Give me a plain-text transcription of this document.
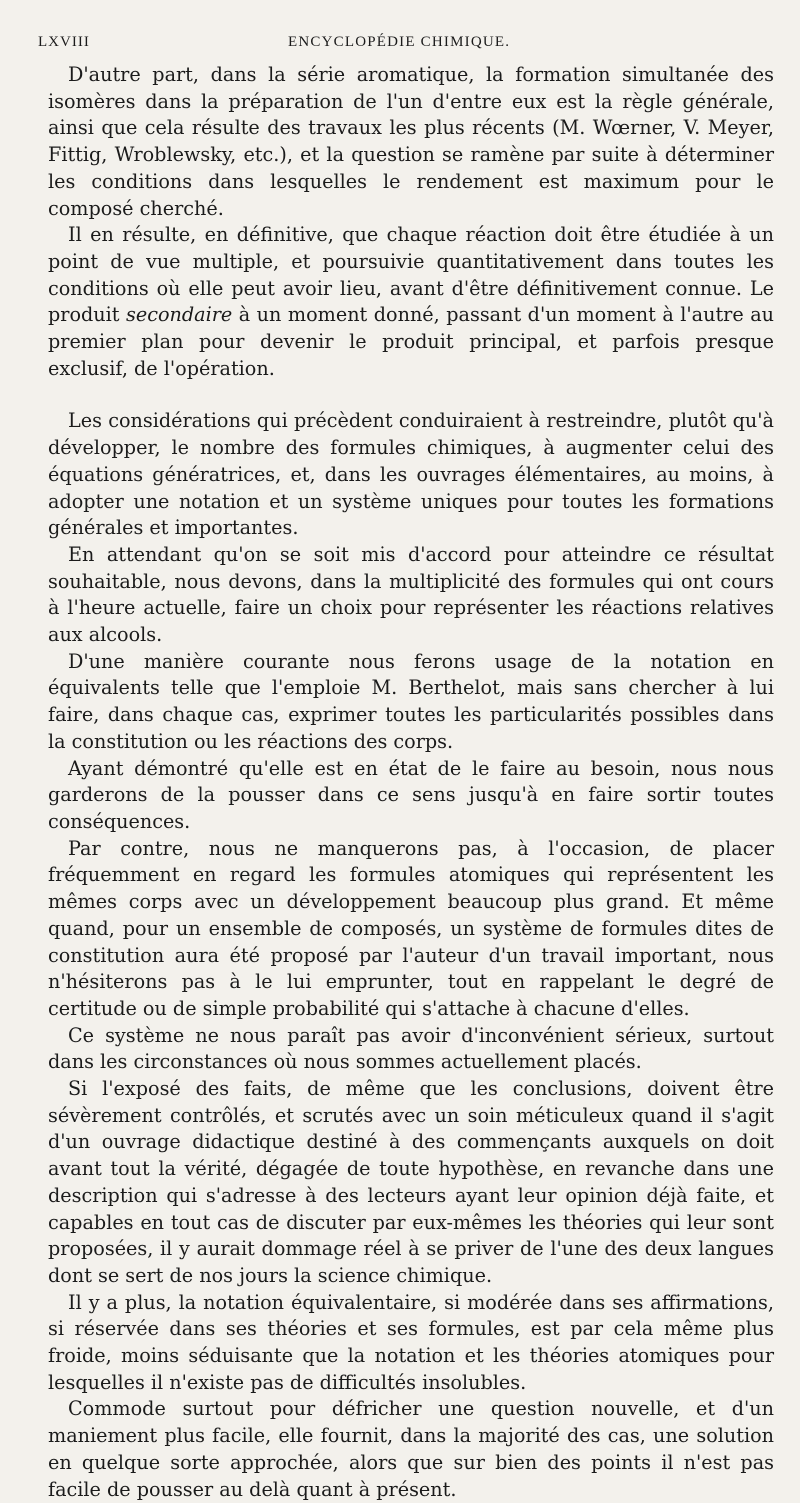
LXVIII	ENCYCLOPÉDIE CHIMIQUE.

D'autre part, dans la série aromatique, la formation simultanée des isomères dans la préparation de l'un d'entre eux est la règle générale, ainsi que cela résulte des travaux les plus récents (M. Wœrner, V. Meyer, Fittig, Wroblewsky, etc.), et la question se ramène par suite à déterminer les conditions dans lesquelles le rendement est maximum pour le composé cherché.

Il en résulte, en définitive, que chaque réaction doit être étudiée à un point de vue multiple, et poursuivie quantitativement dans toutes les conditions où elle peut avoir lieu, avant d'être définitivement connue. Le produit secondaire à un moment donné, passant d'un moment à l'autre au premier plan pour devenir le produit principal, et parfois presque exclusif, de l'opération.

Les considérations qui précèdent conduiraient à restreindre, plutôt qu'à développer, le nombre des formules chimiques, à augmenter celui des équations génératrices, et, dans les ouvrages élémentaires, au moins, à adopter une notation et un système uniques pour toutes les formations générales et importantes.

En attendant qu'on se soit mis d'accord pour atteindre ce résultat souhaitable, nous devons, dans la multiplicité des formules qui ont cours à l'heure actuelle, faire un choix pour représenter les réactions relatives aux alcools.

D'une manière courante nous ferons usage de la notation en équivalents telle que l'emploie M. Berthelot, mais sans chercher à lui faire, dans chaque cas, exprimer toutes les particularités possibles dans la constitution ou les réactions des corps.

Ayant démontré qu'elle est en état de le faire au besoin, nous nous garderons de la pousser dans ce sens jusqu'à en faire sortir toutes conséquences.

Par contre, nous ne manquerons pas, à l'occasion, de placer fréquemment en regard les formules atomiques qui représentent les mêmes corps avec un développement beaucoup plus grand. Et même quand, pour un ensemble de composés, un système de formules dites de constitution aura été proposé par l'auteur d'un travail important, nous n'hésiterons pas à le lui emprunter, tout en rappelant le degré de certitude ou de simple probabilité qui s'attache à chacune d'elles.

Ce système ne nous paraît pas avoir d'inconvénient sérieux, surtout dans les circonstances où nous sommes actuellement placés.

Si l'exposé des faits, de même que les conclusions, doivent être sévèrement contrôlés, et scrutés avec un soin méticuleux quand il s'agit d'un ouvrage didactique destiné à des commençants auxquels on doit avant tout la vérité, dégagée de toute hypothèse, en revanche dans une description qui s'adresse à des lecteurs ayant leur opinion déjà faite, et capables en tout cas de discuter par eux-mêmes les théories qui leur sont proposées, il y aurait dommage réel à se priver de l'une des deux langues dont se sert de nos jours la science chimique.

Il y a plus, la notation équivalentaire, si modérée dans ses affirmations, si réservée dans ses théories et ses formules, est par cela même plus froide, moins séduisante que la notation et les théories atomiques pour lesquelles il n'existe pas de difficultés insolubles.

Commode surtout pour défricher une question nouvelle, et d'un maniement plus facile, elle fournit, dans la majorité des cas, une solution en quelque sorte approchée, alors que sur bien des points il n'est pas facile de pousser au delà quant à présent.
